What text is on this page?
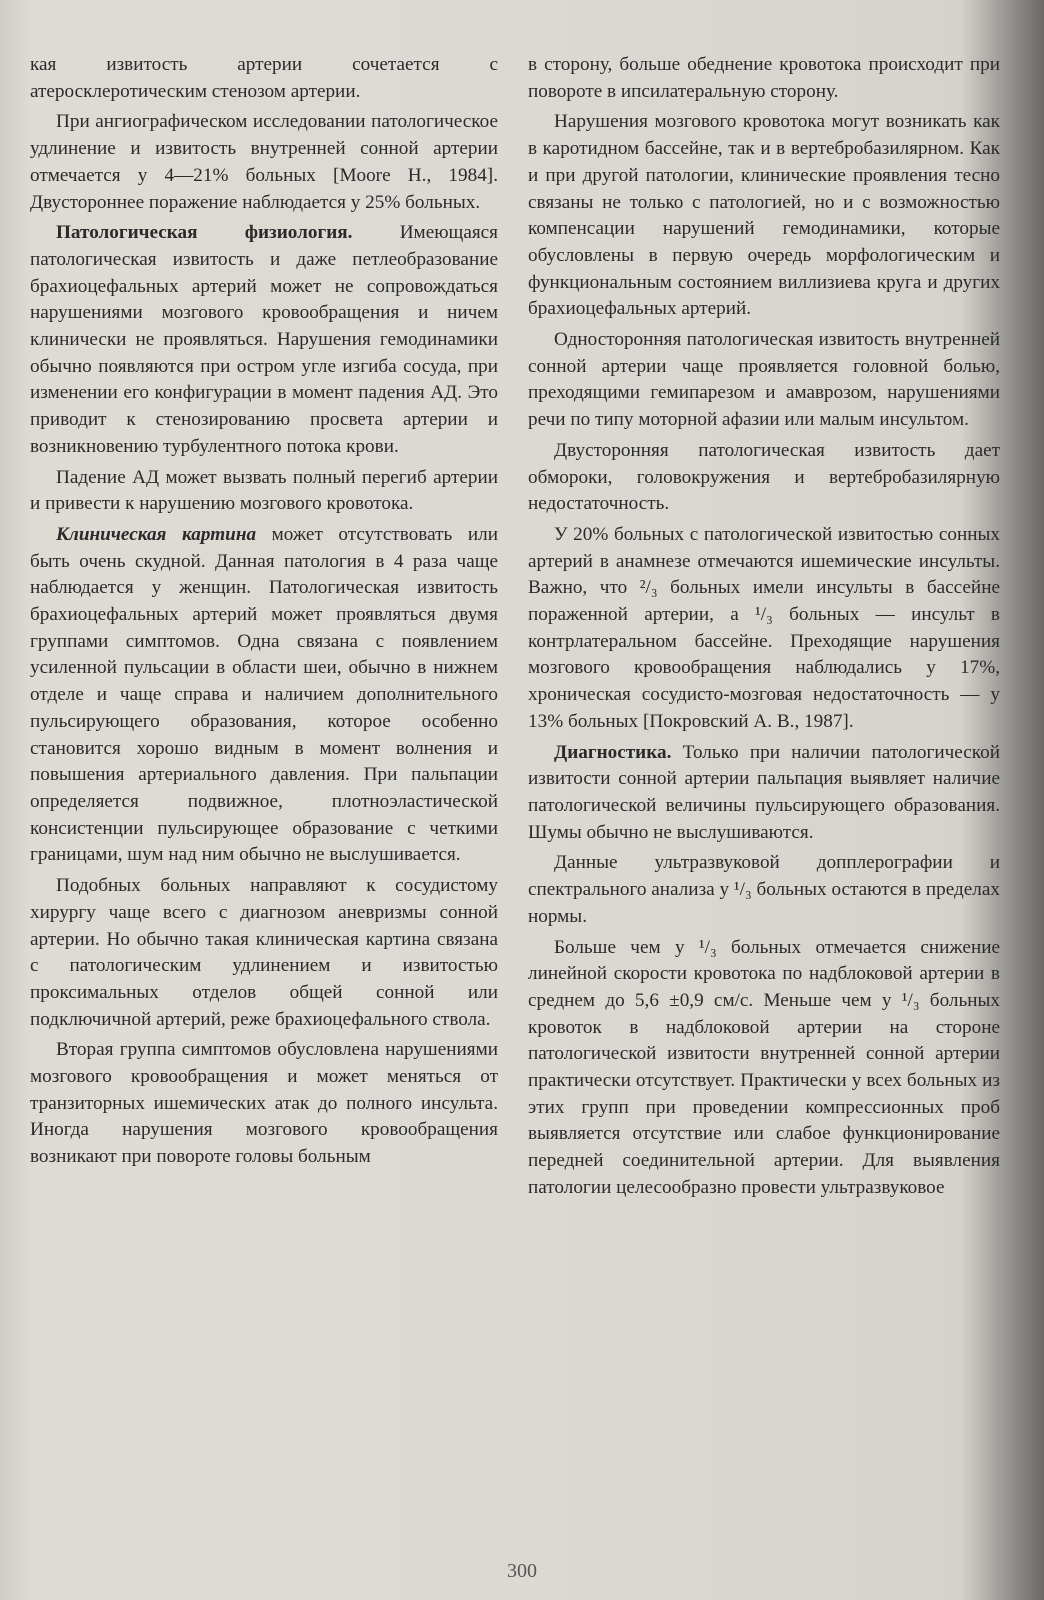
кая извитость артерии сочетается с атеросклеротическим стенозом артерии.

При ангиографическом исследовании патологическое удлинение и извитость внутренней сонной артерии отмечается у 4—21% больных [Moore H., 1984]. Двустороннее поражение наблюдается у 25% больных.

Патологическая физиология. Имеющаяся патологическая извитость и даже петлеобразование брахиоцефальных артерий может не сопровождаться нарушениями мозгового кровообращения и ничем клинически не проявляться. Нарушения гемодинамики обычно появляются при остром угле изгиба сосуда, при изменении его конфигурации в момент падения АД. Это приводит к стенозированию просвета артерии и возникновению турбулентного потока крови.

Падение АД может вызвать полный перегиб артерии и привести к нарушению мозгового кровотока.

Клиническая картина может отсутствовать или быть очень скудной. Данная патология в 4 раза чаще наблюдается у женщин. Патологическая извитость брахиоцефальных артерий может проявляться двумя группами симптомов. Одна связана с появлением усиленной пульсации в области шеи, обычно в нижнем отделе и чаще справа и наличием дополнительного пульсирующего образования, которое особенно становится хорошо видным в момент волнения и повышения артериального давления. При пальпации определяется подвижное, плотноэластической консистенции пульсирующее образование с четкими границами, шум над ним обычно не выслушивается.

Подобных больных направляют к сосудистому хирургу чаще всего с диагнозом аневризмы сонной артерии. Но обычно такая клиническая картина связана с патологическим удлинением и извитостью проксимальных отделов общей сонной или подключичной артерий, реже брахиоцефального ствола.

Вторая группа симптомов обусловлена нарушениями мозгового кровообращения и может меняться от транзиторных ишемических атак до полного инсульта. Иногда нарушения мозгового кровообращения возникают при повороте головы больным

в сторону, больше обеднение кровотока происходит при повороте в ипсилатеральную сторону.

Нарушения мозгового кровотока могут возникать как в каротидном бассейне, так и в вертебробазилярном. Как и при другой патологии, клинические проявления тесно связаны не только с патологией, но и с возможностью компенсации нарушений гемодинамики, которые обусловлены в первую очередь морфологическим и функциональным состоянием виллизиева круга и других брахиоцефальных артерий.

Односторонняя патологическая извитость внутренней сонной артерии чаще проявляется головной болью, преходящими гемипарезом и амаврозом, нарушениями речи по типу моторной афазии или малым инсультом.

Двусторонняя патологическая извитость дает обмороки, головокружения и вертебробазилярную недостаточность.

У 20% больных с патологической извитостью сонных артерий в анамнезе отмечаются ишемические инсульты. Важно, что ²/₃ больных имели инсульты в бассейне пораженной артерии, а ¹/₃ больных — инсульт в контрлатеральном бассейне. Преходящие нарушения мозгового кровообращения наблюдались у 17%, хроническая сосудисто-мозговая недостаточность — у 13% больных [Покровский А. В., 1987].

Диагностика. Только при наличии патологической извитости сонной артерии пальпация выявляет наличие патологической величины пульсирующего образования. Шумы обычно не выслушиваются.

Данные ультразвуковой допплерографии и спектрального анализа у ¹/₃ больных остаются в пределах нормы.

Больше чем у ¹/₃ больных отмечается снижение линейной скорости кровотока по надблоковой артерии в среднем до 5,6 ±0,9 см/с. Меньше чем у ¹/₃ больных кровоток в надблоковой артерии на стороне патологической извитости внутренней сонной артерии практически отсутствует. Практически у всех больных из этих групп при проведении компрессионных проб выявляется отсутствие или слабое функционирование передней соединительной артерии. Для выявления патологии целесообразно провести ультразвуковое

300
